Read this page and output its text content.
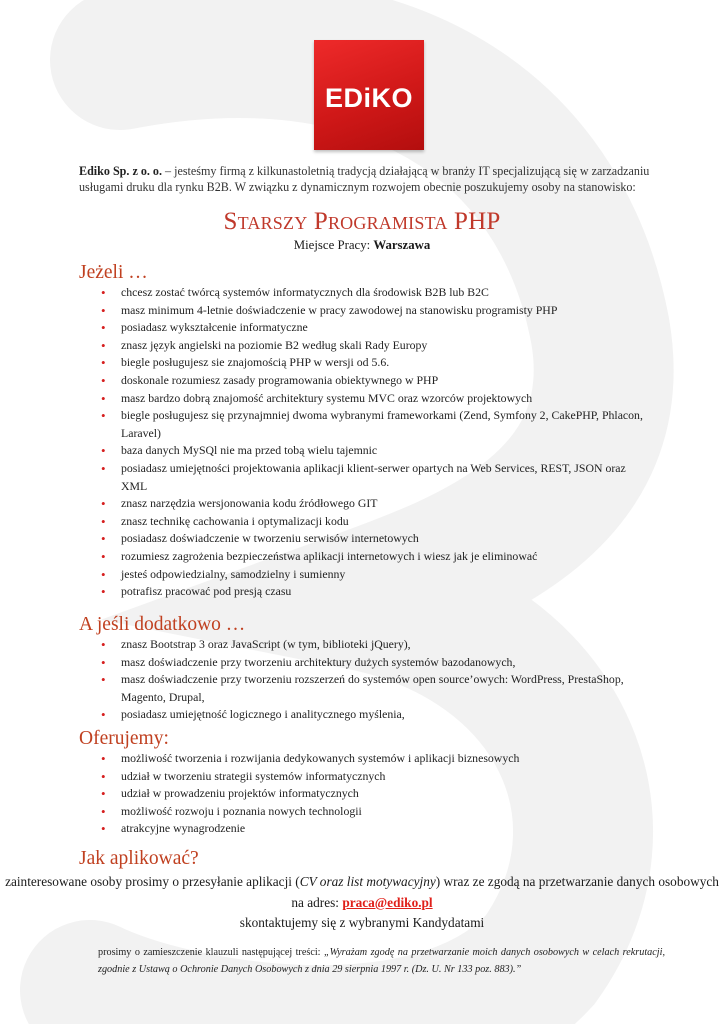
EDiKO
Ediko Sp. z o. o. – jesteśmy firmą z kilkunastoletnią tradycją działającą w branży IT specjalizującą się w zarzadzaniu usługami druku dla rynku B2B. W związku z dynamicznym rozwojem obecnie poszukujemy osoby na stanowisko:
Starszy Programista PHP
Miejsce Pracy: Warszawa
Jeżeli …
• chcesz zostać twórcą systemów informatycznych dla środowisk B2B lub B2C
• masz minimum 4-letnie doświadczenie w pracy zawodowej na stanowisku programisty PHP
• posiadasz wykształcenie informatyczne
• znasz język angielski na poziomie B2 według skali Rady Europy
• biegle posługujesz sie znajomością PHP w wersji od 5.6.
• doskonale rozumiesz zasady programowania obiektywnego w PHP
• masz bardzo dobrą znajomość architektury systemu MVC oraz wzorców projektowych
• biegle posługujesz się przynajmniej dwoma wybranymi frameworkami (Zend, Symfony 2, CakePHP, Phlacon, Laravel)
• baza danych MySQl nie ma przed tobą wielu tajemnic
• posiadasz umiejętności projektowania aplikacji klient-serwer opartych na Web Services, REST, JSON oraz XML
• znasz narzędzia wersjonowania kodu źródłowego GIT
• znasz technikę cachowania i optymalizacji kodu
• posiadasz doświadczenie w tworzeniu serwisów internetowych
• rozumiesz zagrożenia bezpieczeństwa aplikacji internetowych i wiesz jak je eliminować
• jesteś odpowiedzialny, samodzielny i sumienny
• potrafisz pracować pod presją czasu
A jeśli dodatkowo …
• znasz Bootstrap 3 oraz JavaScript (w tym, biblioteki jQuery),
• masz doświadczenie przy tworzeniu architektury dużych systemów bazodanowych,
• masz doświadczenie przy tworzeniu rozszerzeń do systemów open source’owych: WordPress, PrestaShop, Magento, Drupal,
• posiadasz umiejętność logicznego i analitycznego myślenia,
Oferujemy:
• możliwość tworzenia i rozwijania dedykowanych systemów i aplikacji biznesowych
• udział w tworzeniu strategii systemów informatycznych
• udział w prowadzeniu projektów informatycznych
• możliwość rozwoju i poznania nowych technologii
• atrakcyjne wynagrodzenie
Jak aplikować?
zainteresowane osoby prosimy o przesyłanie aplikacji (CV oraz list motywacyjny) wraz ze zgodą na przetwarzanie danych osobowych na adres: praca@ediko.pl
skontaktujemy się z wybranymi Kandydatami
prosimy o zamieszczenie klauzuli następującej treści: „Wyrażam zgodę na przetwarzanie moich danych osobowych w celach rekrutacji, zgodnie z Ustawą o Ochronie Danych Osobowych z dnia 29 sierpnia 1997 r. (Dz. U. Nr 133 poz. 883).”
